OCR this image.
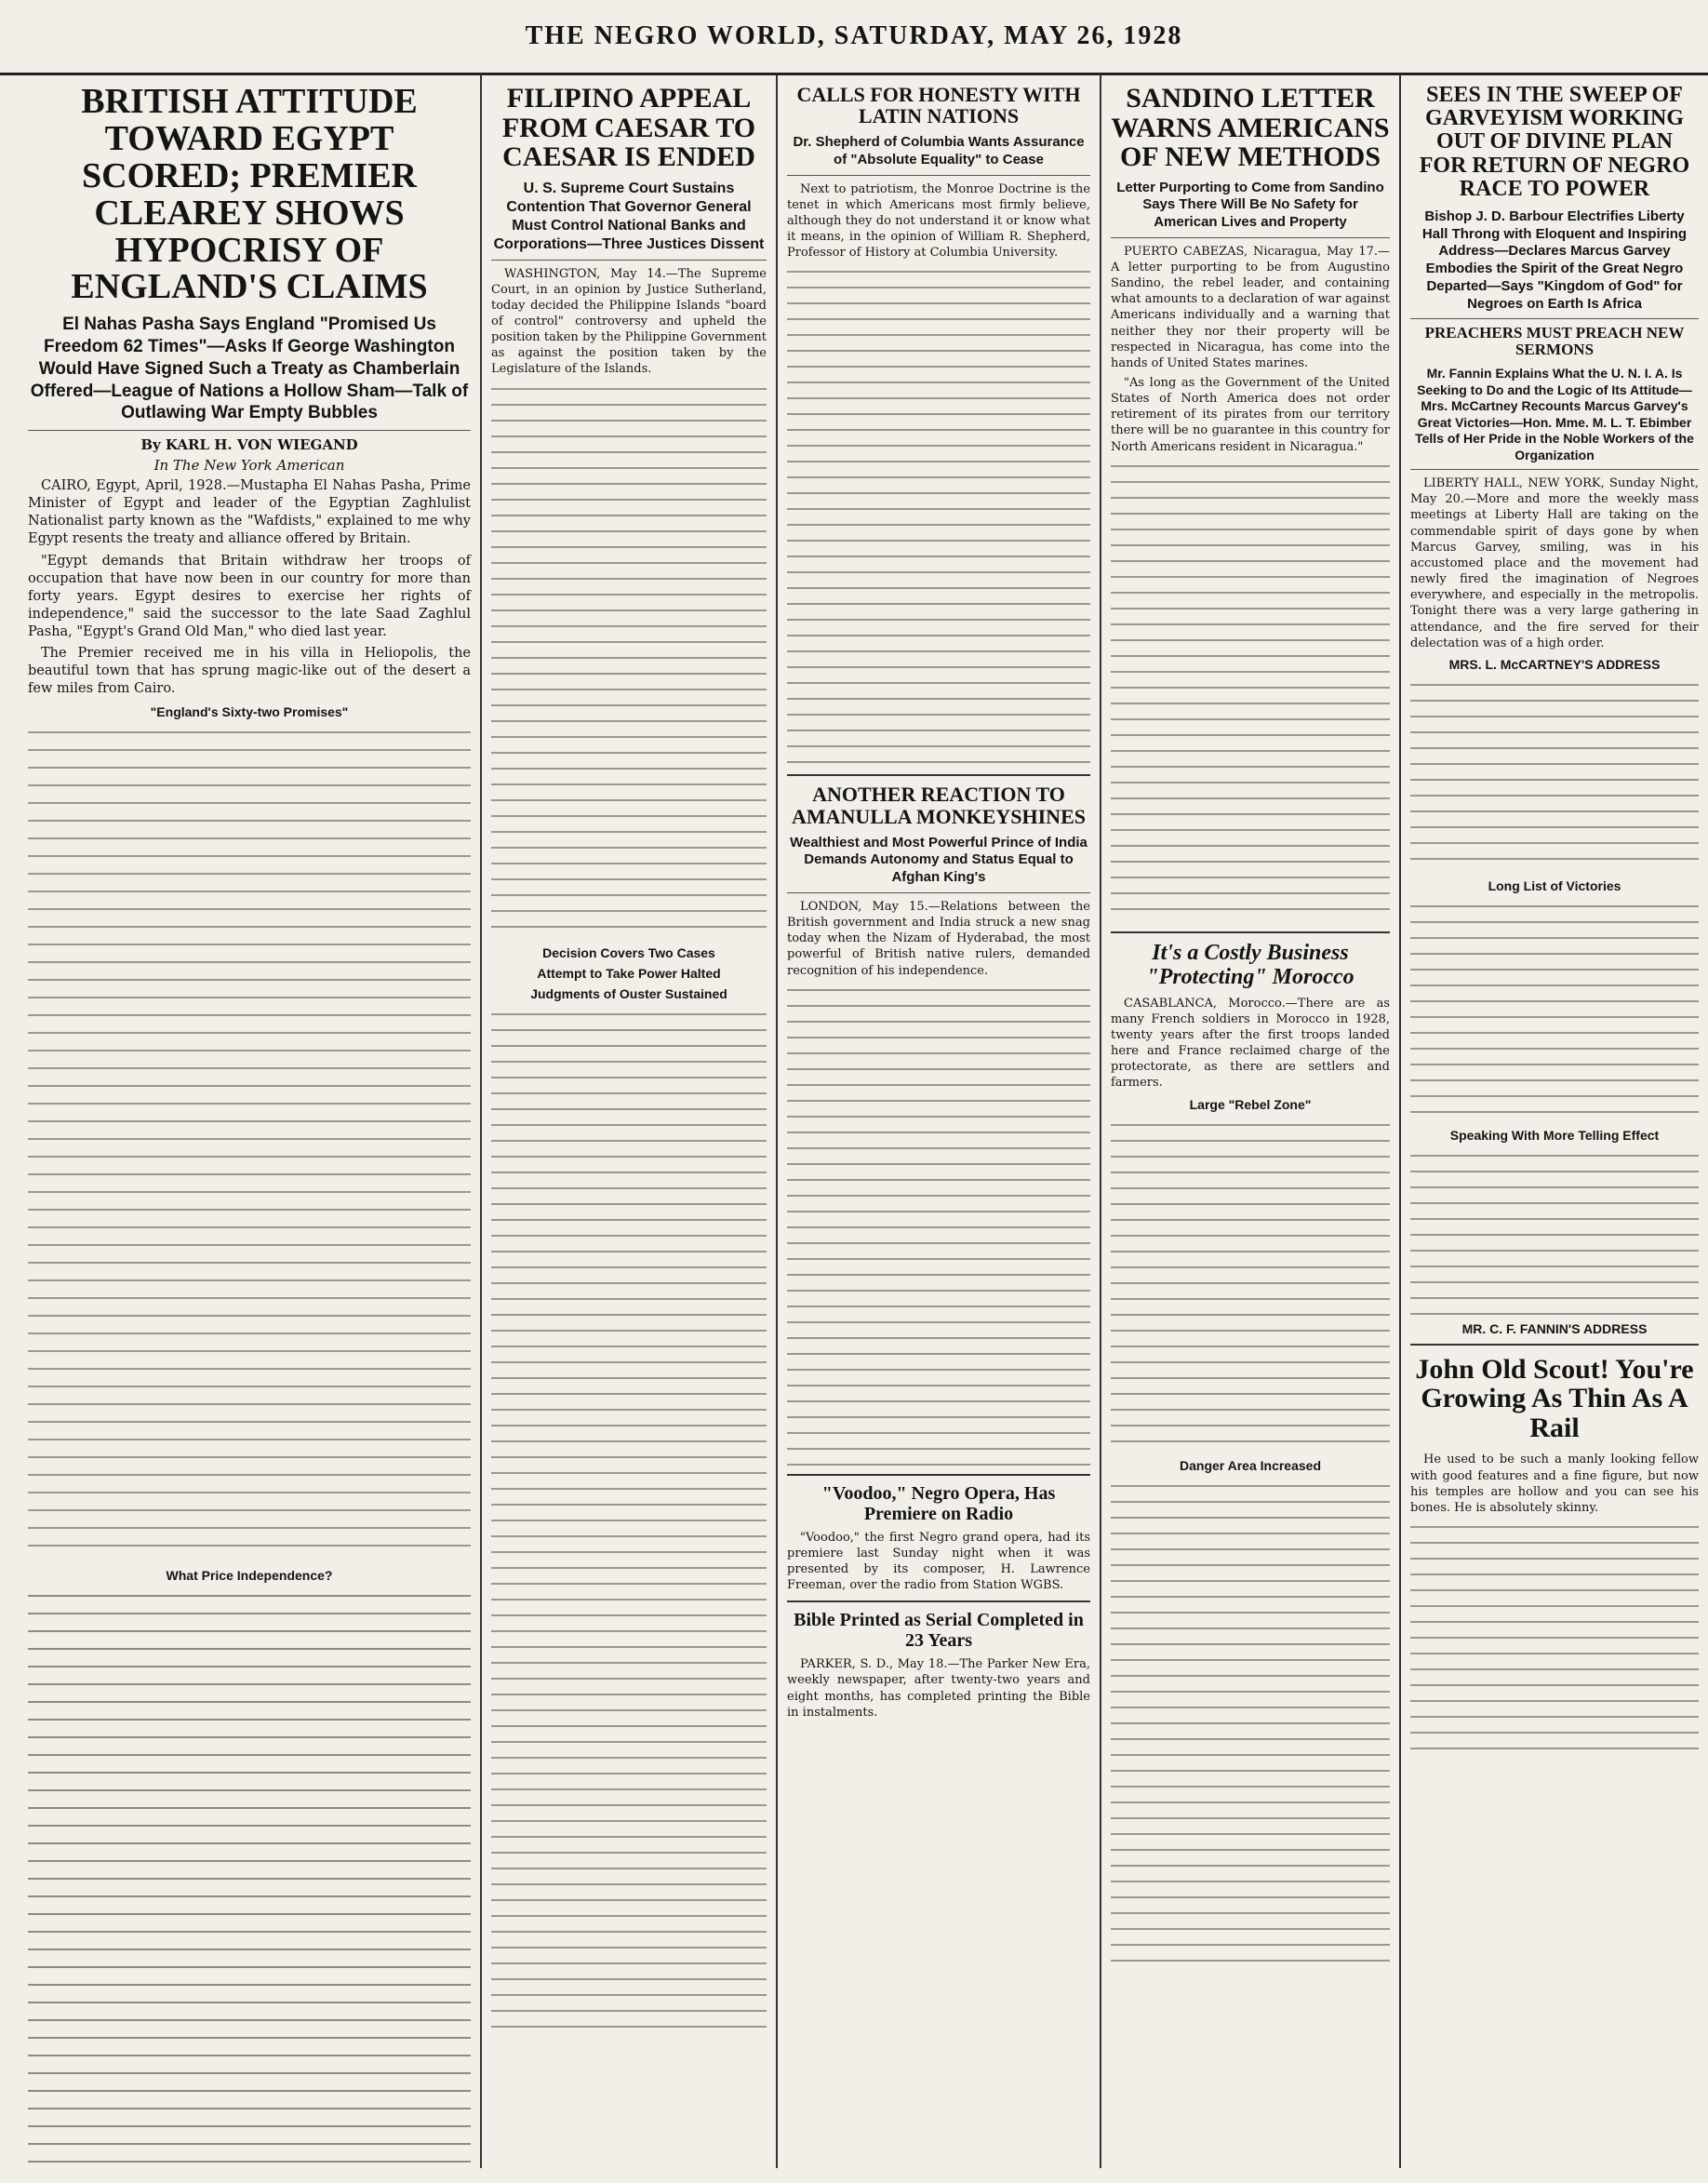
THE NEGRO WORLD, SATURDAY, MAY 26, 1928
BRITISH ATTITUDE TOWARD EGYPT SCORED; PREMIER CLEAREY SHOWS HYPOCRISY OF ENGLAND'S CLAIMS
El Nahas Pasha Says England "Promised Us Freedom 62 Times"—Asks If George Washington Would Have Signed Such a Treaty as Chamberlain Offered—League of Nations a Hollow Sham—Talk of Outlawing War Empty Bubbles
By KARL H. VON WIEGAND
In The New York American

CAIRO, Egypt, April, 1928.—Mustapha El Nahas Pasha, Prime Minister of Egypt and leader of the Egyptian Zaghlulist Nationalist party known as the "Wafdists," explained to me why Egypt resents the treaty and alliance offered by Britain.

"Egypt demands that Britain withdraw her troops of occupation that have now been in our country for more than forty years. Egypt desires to exercise her rights of independence," said the successor to the late Saad Zaghlul Pasha, "Egypt's Grand Old Man," who died last year.

The Premier received me in his villa in Heliopolis, the beautiful town that has sprung magic-like out of the desert a few miles from Cairo.

"England's Sixty-two Promises"
What Price Independence?
FILIPINO APPEAL FROM CAESAR TO CAESAR IS ENDED
U. S. Supreme Court Sustains Contention That Governor General Must Control National Banks and Corporations—Three Justices Dissent

WASHINGTON, May 14.—The Supreme Court, in an opinion by Justice Sutherland, today decided the Philippine Islands "board of control" controversy and upheld the position taken by the Philippine Government as against the position taken by the Legislature of the Islands.

Decision Covers Two Cases
Attempt to Take Power Halted
Judgments of Ouster Sustained
CALLS FOR HONESTY WITH LATIN NATIONS
Dr. Shepherd of Columbia Wants Assurance of "Absolute Equality" to Cease

Next to patriotism, the Monroe Doctrine is the tenet in which Americans most firmly believe, although they do not understand it or know what it means, in the opinion of William R. Shepherd, Professor of History at Columbia University.

ANOTHER REACTION TO AMANULLA MONKEYSHINES
Wealthiest and Most Powerful Prince of India Demands Autonomy and Status Equal to Afghan King's

LONDON, May 15.—Relations between the British government and India struck a new snag today when the Nizam of Hyderabad, the most powerful of British native rulers, demanded recognition of his independence.

"Voodoo," Negro Opera, Has Premiere on Radio

"Voodoo," the first Negro grand opera, had its premiere last Sunday night when it was presented by its composer, H. Lawrence Freeman, over the radio from Station WGBS.

Bible Printed as Serial Completed in 23 Years

PARKER, S. D., May 18.—The Parker New Era, weekly newspaper, after twenty-two years and eight months, has completed printing the Bible in instalments.

SANDINO LETTER WARNS AMERICANS OF NEW METHODS
Letter Purporting to Come from Sandino Says There Will Be No Safety for American Lives and Property

PUERTO CABEZAS, Nicaragua, May 17.—A letter purporting to be from Augustino Sandino, the rebel leader, and containing what amounts to a declaration of war against Americans individually and a warning that neither they nor their property will be respected in Nicaragua, has come into the hands of United States marines.

"As long as the Government of the United States of North America does not order retirement of its pirates from our territory there will be no guarantee in this country for North Americans resident in Nicaragua."

It's a Costly Business "Protecting" Morocco

CASABLANCA, Morocco.—There are as many French soldiers in Morocco in 1928, twenty years after the first troops landed here and France reclaimed charge of the protectorate, as there are settlers and farmers.

Large "Rebel Zone"
Danger Area Increased
SEES IN THE SWEEP OF GARVEYISM WORKING OUT OF DIVINE PLAN FOR RETURN OF NEGRO RACE TO POWER
Bishop J. D. Barbour Electrifies Liberty Hall Throng with Eloquent and Inspiring Address—Declares Marcus Garvey Embodies the Spirit of the Great Negro Departed—Says "Kingdom of God" for Negroes on Earth Is Africa
PREACHERS MUST PREACH NEW SERMONS
Mr. Fannin Explains What the U. N. I. A. Is Seeking to Do and the Logic of Its Attitude—Mrs. McCartney Recounts Marcus Garvey's Great Victories—Hon. Mme. M. L. T. Ebimber Tells of Her Pride in the Noble Workers of the Organization

LIBERTY HALL, NEW YORK, Sunday Night, May 20.—More and more the weekly mass meetings at Liberty Hall are taking on the commendable spirit of days gone by when Marcus Garvey, smiling, was in his accustomed place and the movement had newly fired the imagination of Negroes everywhere, and especially in the metropolis. Tonight there was a very large gathering in attendance, and the fire served for their delectation was of a high order.

MRS. L. McCARTNEY'S ADDRESS
Long List of Victories
Speaking With More Telling Effect
MR. C. F. FANNIN'S ADDRESS
John Old Scout! You're Growing As Thin As A Rail

He used to be such a manly looking fellow with good features and a fine figure, but now his temples are hollow and you can see his bones. He is absolutely skinny.
